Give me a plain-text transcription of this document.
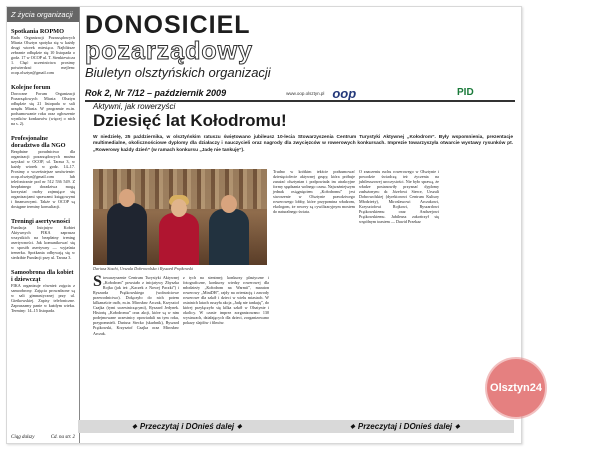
Z życia organizacji
Spotkania ROPMO
Rada Organizacji Pozarządowych Miasta Olsztyn spotyka się w każdy drugi wtorek miesiąca. Najbliższe zebranie odbędzie się 10 listopada o godz. 17 w OCOP ul. T. Sienkiewicza 1. Chęć uczestnictwa prosimy potwierdzać mejlem: ocop.olsztyn@gmail.com
Kolejne forum
Doroczne Forum Organizacji Pozarządowych Miasta Olsztyn odbędzie się 21 listopada w sali urzędu Miasta. W programie m.in. podsumowanie roku oraz ogłoszenie wyników konkursów (więcej o nich na s. 2).
Profesjonalne doradztwo dla NGO
Bezpłatne poradnictwo dla organizacji pozarządowych można uzyskać w OCOP, ul. Tarasa 3, w każdy wtorek w godz. 14–17. Prosimy o wcześniejsze umówienie: ocop.olsztyn@gmail.com lub telefonicznie pod nr 512 536 549. Z bezpłatnego doradztwa mogą korzystać osoby zajmujące się organizacjami sprawami księgowymi i finansowymi. Także w OCOP są dostępne terminy konsultacji.
Treningi asertywności
Fundacja Inicjatyw Kobiet Aktywnych FIKA zaprasza wszystkich na bezpłatny trening asertywności. Jak komunikować się w sposób asertywny — wyjaśnia trenerka. Spotkania odbywają się w siedzibie Fundacji przy ul. Tarasa 3.
Samoobrona dla kobiet i dziewcząt
FIKA organizuje również zajęcia z samoobrony. Zajęcia prowadzone są w sali gimnastycznej przy ul. Gietkowskiej. Zapisy telefoniczne. Zapraszamy panie w każdym wieku. Terminy: 14–15 listopada.
Ciąg dalszy	Cd. na str. 2
DONOSICIEL
pozarządowy
Biuletyn olsztyńskich organizacji
Rok 2, Nr 7/12 – październik 2009	www.oop.olsztyn.pl oop	PID
Aktywni, jak rowerzyści
Dziesięć lat Kołodromu!
W niedzielę, 25 października, w olsztyńskim ratuszu świętowano jubileusz 10-lecia Stowarzyszenia Centrum Turystyki Aktywnej „Kołodrom”. Były wspomnienia, prezentacje multimedialne, okolicznościowe dyplomy dla działaczy i nauczycieli oraz nagrody dla zwycięzców w rowerowych konkursach. Imprezie towarzyszyła otwarcie wystawy rysunków pt. „Rowerowy każdy dzień” (w ramach konkursu „Jadę nie tankuję”).
Dariusz Stachi, Urszula Dobrowolska i Ryszard Prątkowski
Stowarzyszenie Centrum Turystyki Aktywnej „Kołodrom” powstało z inicjatywy Zbyszka Rojka (jak też „Kaczek z Nowej Paczki”) i Ryszarda Prątkowskiego (wolnościowe przewodnictwo). Dołączyło do nich potem kilkanaście osób, m.in. Mirosław Arczak, Krzysztof Czajka (tymi uczestniczącymi), Ryszard Jedynek. Historię „Kołodromu” oraz akcji, które są w nim podejmowane uczestnicy opowiadali na tym roku, przypomnieli. Dariusz Stecko (skarbnik), Ryszard Prątkowski, Krzysztof Czajka oraz Mirosław Arczak.
z tych na stentrnej; konkursy plastyczne i fotograficzne, konkursy wiedzy rowerowej dla młodzieży „Kołodrom na Warmii”, maraton rowerowy „MiniDH”, rajdy na orientację i zawody rowerowe dla szkół i dzieci w wielu miastach. W ostatnich latach ruszyła akcja „Jadę nie tankuję”, do której przyłączyło się kilka szkół w Olsztynie i okolicy. W czasie imprez zorganizowano 130 wystawach, działających dla dzieci, zorganizowano pokazy slajdów i filmów.
Trudno w krótkim tekście podsumować dziesięciolecie aktywnej grupy, która próbuje zarażać olsztynian i podpowiada im atrakcyjne formy spędzania wolnego czasu. Najważniejszym jednak osiągnięciem „Kołodromu” jest stworzenie w Olsztynie prawdziwego rowerowego lobby, które przypomina władzom, ekologom, że rowery są cywilizacyjnym mostem do naturalnego świata.
O znaczeniu ruchu rowerowego w Olsztynie i powodzie świadczą też życzenia na jubileuszowej uroczystości. Nie było sprawą, że władze postanowiły przyznać dyplomy zasłużonym: dr. Józefowi Sierce, Urszuli Dobrowolskiej (dyrektorowi Centrum Kultury Młodzieży), Mirosławowi Arczakowi, Krzysztofowi Rojkowi, Ryszardowi Prątkowskiemu oraz Andrzejowi Prątkowskiemu. Jubileusz zakończył się wspólnym toastem — Dawid Przekaz
◆ Przeczytaj i DOnieś dalej ◆	◆ Przeczytaj i DOnieś dalej ◆
Olsztyn24
